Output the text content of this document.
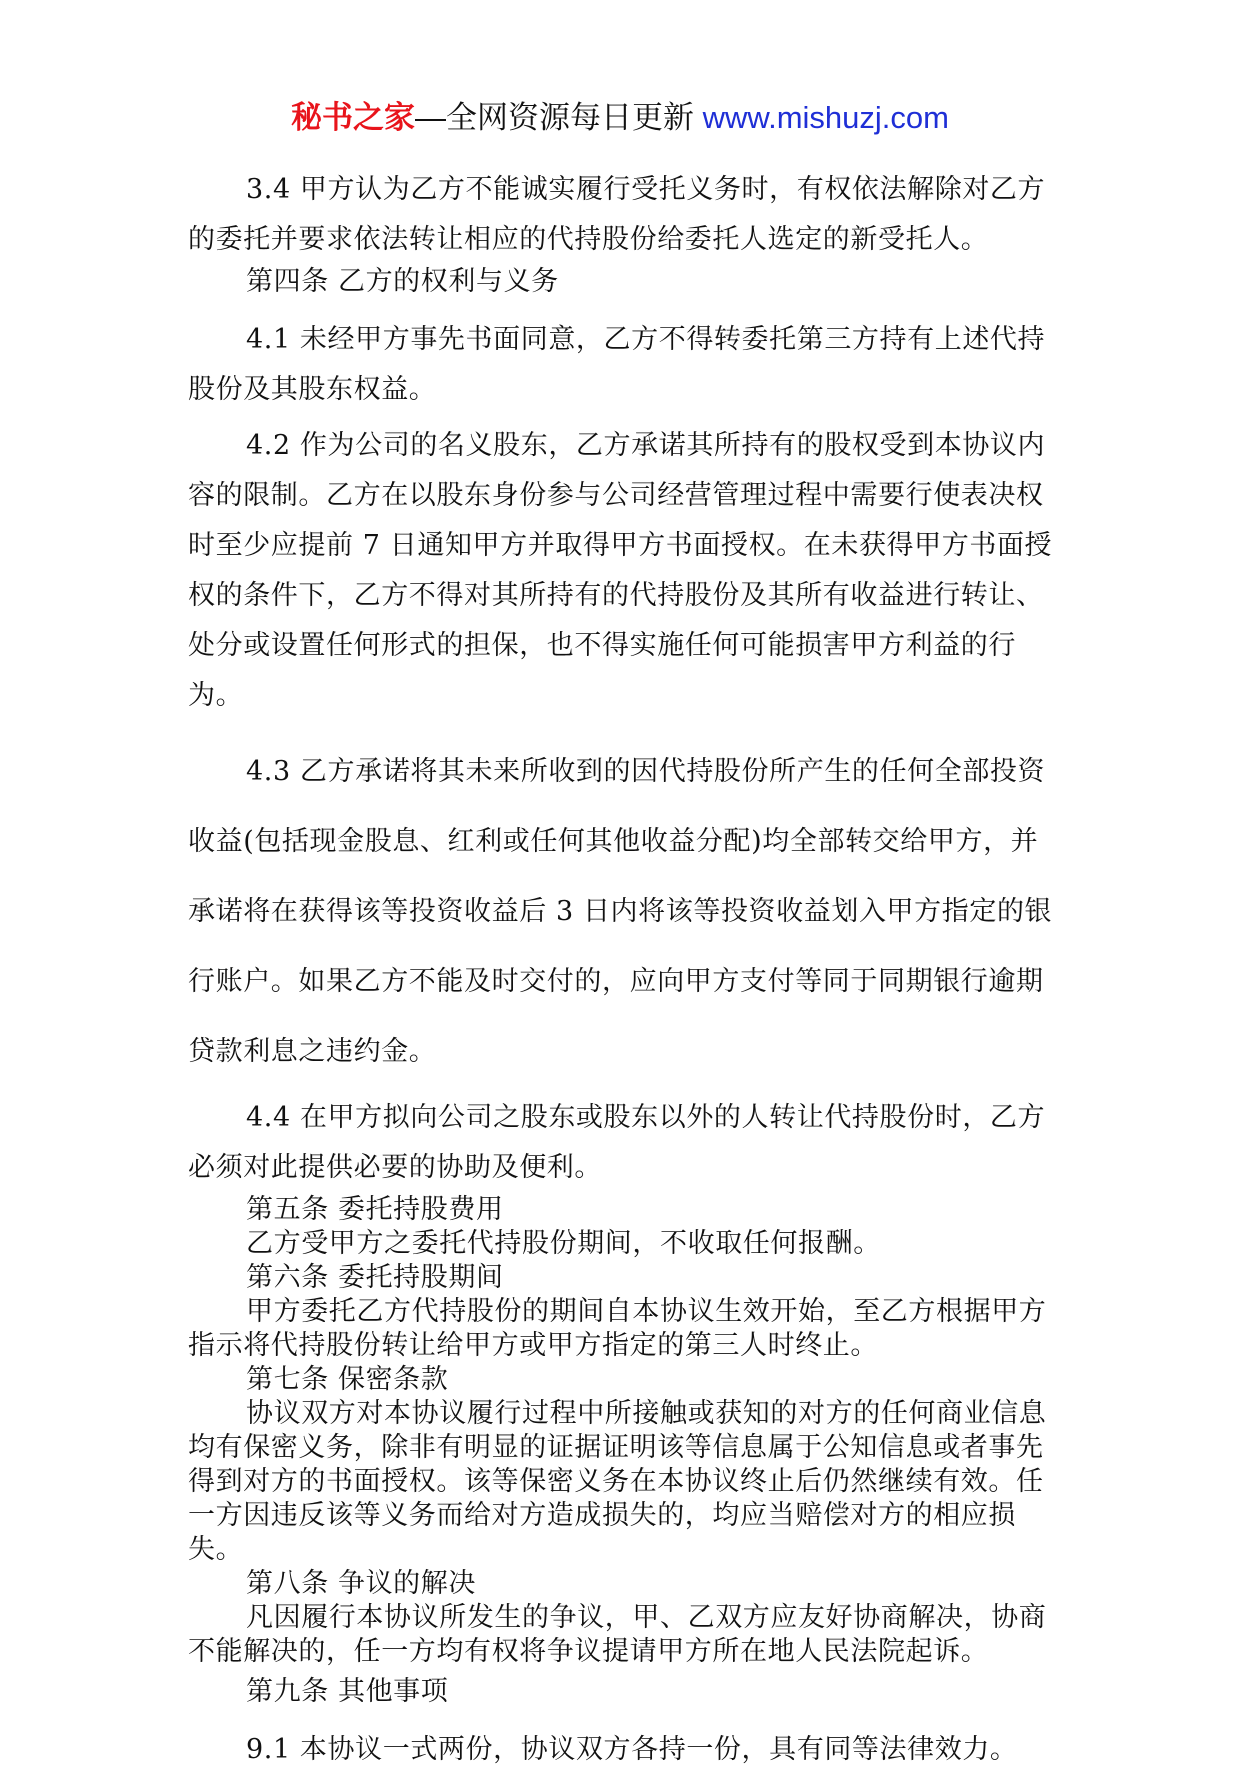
秘书之家—全网资源每日更新 www.mishuzj.com

3.4 甲方认为乙方不能诚实履行受托义务时，有权依法解除对乙方的委托并要求依法转让相应的代持股份给委托人选定的新受托人。

第四条 乙方的权利与义务

4.1 未经甲方事先书面同意，乙方不得转委托第三方持有上述代持股份及其股东权益。

4.2 作为公司的名义股东，乙方承诺其所持有的股权受到本协议内容的限制。乙方在以股东身份参与公司经营管理过程中需要行使表决权时至少应提前 7 日通知甲方并取得甲方书面授权。在未获得甲方书面授权的条件下，乙方不得对其所持有的代持股份及其所有收益进行转让、处分或设置任何形式的担保，也不得实施任何可能损害甲方利益的行为。

4.3 乙方承诺将其未来所收到的因代持股份所产生的任何全部投资收益(包括现金股息、红利或任何其他收益分配)均全部转交给甲方，并承诺将在获得该等投资收益后 3 日内将该等投资收益划入甲方指定的银行账户。如果乙方不能及时交付的，应向甲方支付等同于同期银行逾期贷款利息之违约金。

4.4 在甲方拟向公司之股东或股东以外的人转让代持股份时，乙方必须对此提供必要的协助及便利。

第五条 委托持股费用

乙方受甲方之委托代持股份期间，不收取任何报酬。

第六条 委托持股期间

甲方委托乙方代持股份的期间自本协议生效开始，至乙方根据甲方指示将代持股份转让给甲方或甲方指定的第三人时终止。

第七条 保密条款

协议双方对本协议履行过程中所接触或获知的对方的任何商业信息均有保密义务，除非有明显的证据证明该等信息属于公知信息或者事先得到对方的书面授权。该等保密义务在本协议终止后仍然继续有效。任一方因违反该等义务而给对方造成损失的，均应当赔偿对方的相应损失。

第八条 争议的解决

凡因履行本协议所发生的争议，甲、乙双方应友好协商解决，协商不能解决的，任一方均有权将争议提请甲方所在地人民法院起诉。

第九条 其他事项

9.1 本协议一式两份，协议双方各持一份，具有同等法律效力。
